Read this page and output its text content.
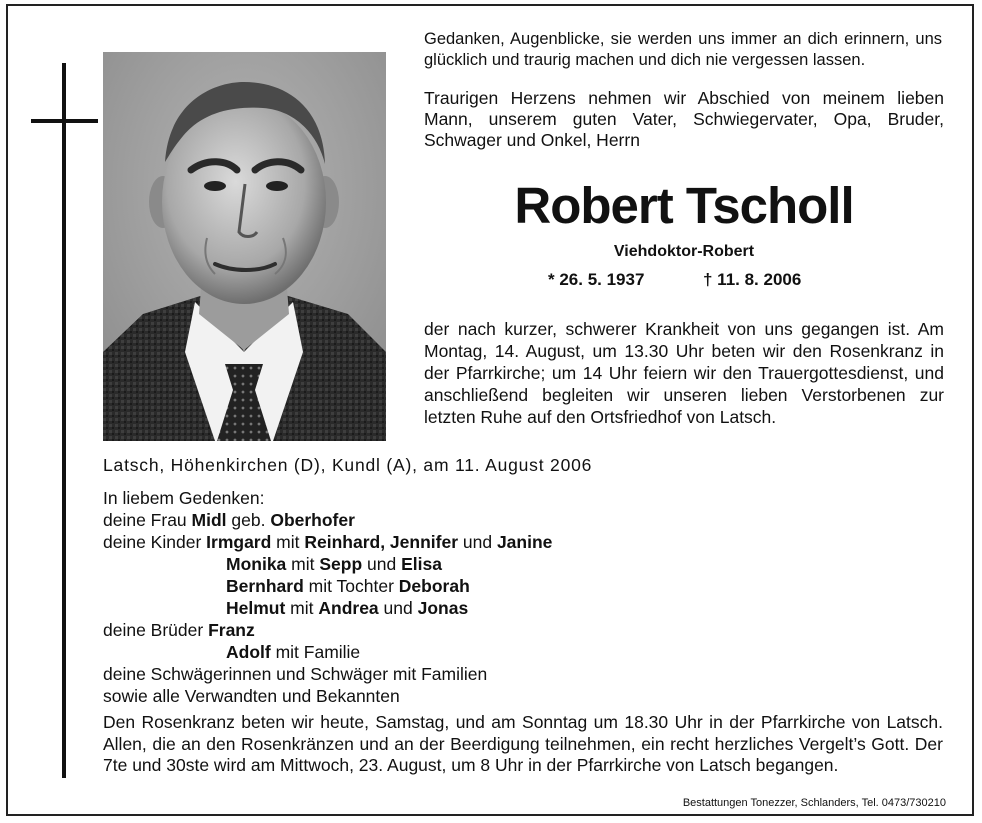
Gedanken, Augenblicke, sie werden uns immer an dich erinnern, uns glücklich und traurig machen und dich nie vergessen lassen.

Traurigen Herzens nehmen wir Abschied von meinem lieben Mann, unserem guten Vater, Schwiegervater, Opa, Bruder, Schwager und Onkel, Herrn

Robert Tscholl

Viehdoktor-Robert

* 26. 5. 1937	† 11. 8. 2006

der nach kurzer, schwerer Krankheit von uns gegangen ist. Am Montag, 14. August, um 13.30 Uhr beten wir den Rosenkranz in der Pfarrkirche; um 14 Uhr feiern wir den Trauergottesdienst, und anschließend begleiten wir unseren lieben Verstorbenen zur letzten Ruhe auf den Ortsfriedhof von Latsch.

Latsch, Höhenkirchen (D), Kundl (A), am 11. August 2006

In liebem Gedenken:

deine Frau Midl geb. Oberhofer

deine Kinder Irmgard mit Reinhard, Jennifer und Janine

Monika mit Sepp und Elisa

Bernhard mit Tochter Deborah

Helmut mit Andrea und Jonas

deine Brüder Franz

Adolf mit Familie

deine Schwägerinnen und Schwäger mit Familien

sowie alle Verwandten und Bekannten

Den Rosenkranz beten wir heute, Samstag, und am Sonntag um 18.30 Uhr in der Pfarrkirche von Latsch. Allen, die an den Rosenkränzen und an der Beerdigung teilnehmen, ein recht herzliches Vergelt’s Gott. Der 7te und 30ste wird am Mittwoch, 23. August, um 8 Uhr in der Pfarrkirche von Latsch begangen.

Bestattungen Tonezzer, Schlanders, Tel. 0473/730210
